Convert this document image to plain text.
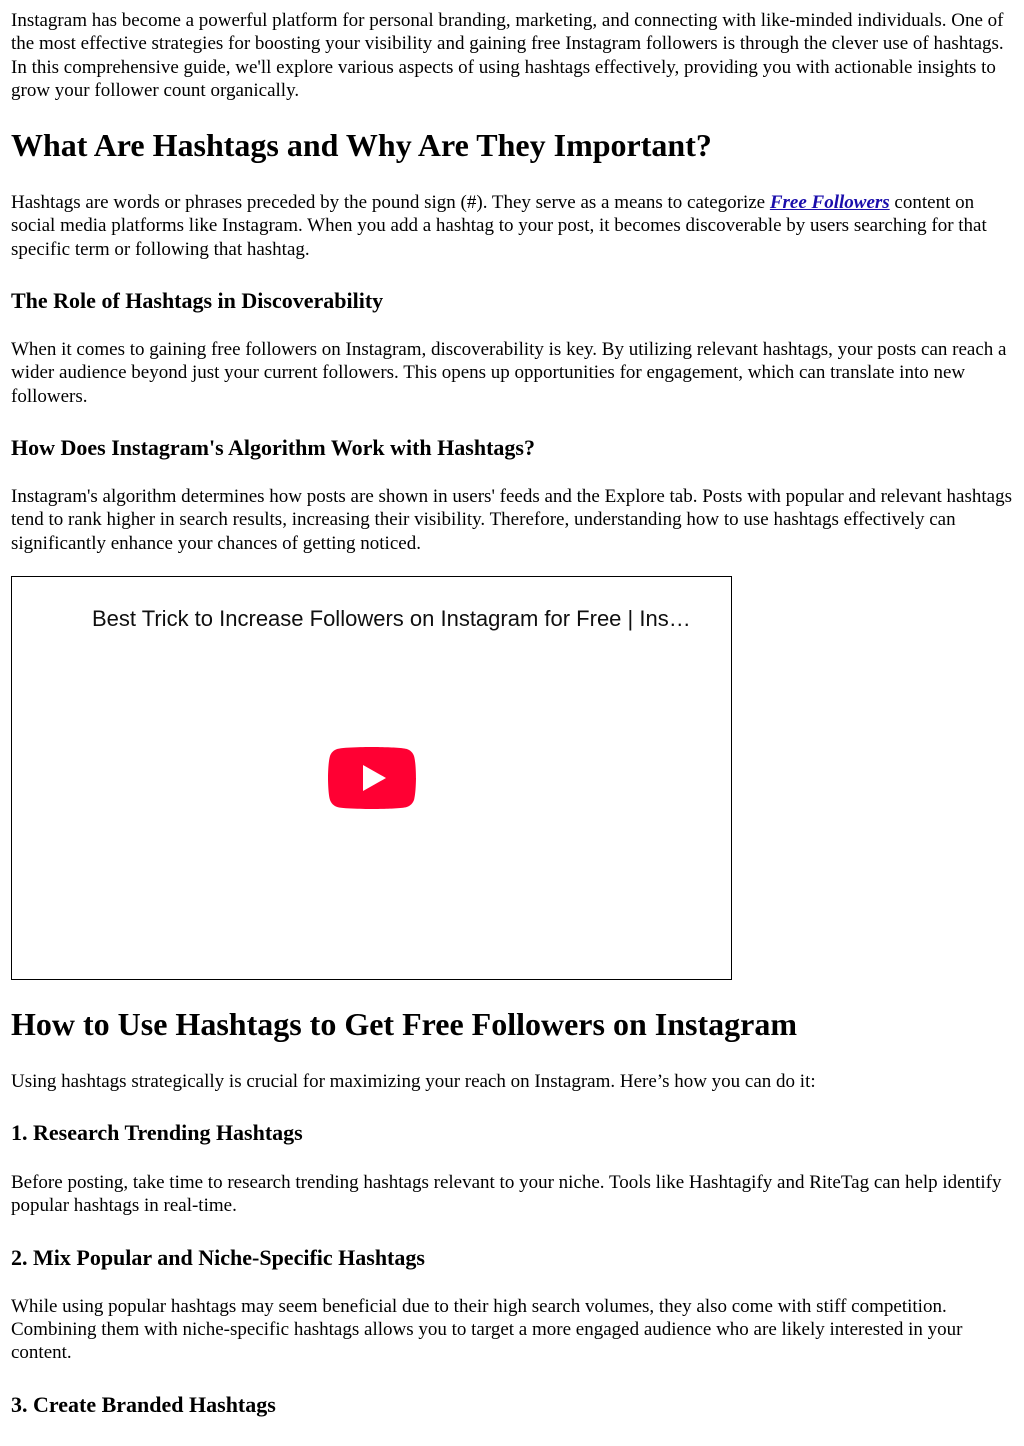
Instagram has become a powerful platform for personal branding, marketing, and connecting with like-minded individuals. One of the most effective strategies for boosting your visibility and gaining free Instagram followers is through the clever use of hashtags. In this comprehensive guide, we'll explore various aspects of using hashtags effectively, providing you with actionable insights to grow your follower count organically.

What Are Hashtags and Why Are They Important?

Hashtags are words or phrases preceded by the pound sign (#). They serve as a means to categorize Free Followers content on social media platforms like Instagram. When you add a hashtag to your post, it becomes discoverable by users searching for that specific term or following that hashtag.

The Role of Hashtags in Discoverability

When it comes to gaining free followers on Instagram, discoverability is key. By utilizing relevant hashtags, your posts can reach a wider audience beyond just your current followers. This opens up opportunities for engagement, which can translate into new followers.

How Does Instagram's Algorithm Work with Hashtags?

Instagram's algorithm determines how posts are shown in users' feeds and the Explore tab. Posts with popular and relevant hashtags tend to rank higher in search results, increasing their visibility. Therefore, understanding how to use hashtags effectively can significantly enhance your chances of getting noticed.

Best Trick to Increase Followers on Instagram for Free | Ins…
How to Use Hashtags to Get Free Followers on Instagram

Using hashtags strategically is crucial for maximizing your reach on Instagram. Here’s how you can do it:

1. Research Trending Hashtags

Before posting, take time to research trending hashtags relevant to your niche. Tools like Hashtagify and RiteTag can help identify popular hashtags in real-time.

2. Mix Popular and Niche-Specific Hashtags

While using popular hashtags may seem beneficial due to their high search volumes, they also come with stiff competition. Combining them with niche-specific hashtags allows you to target a more engaged audience who are likely interested in your content.

3. Create Branded Hashtags
